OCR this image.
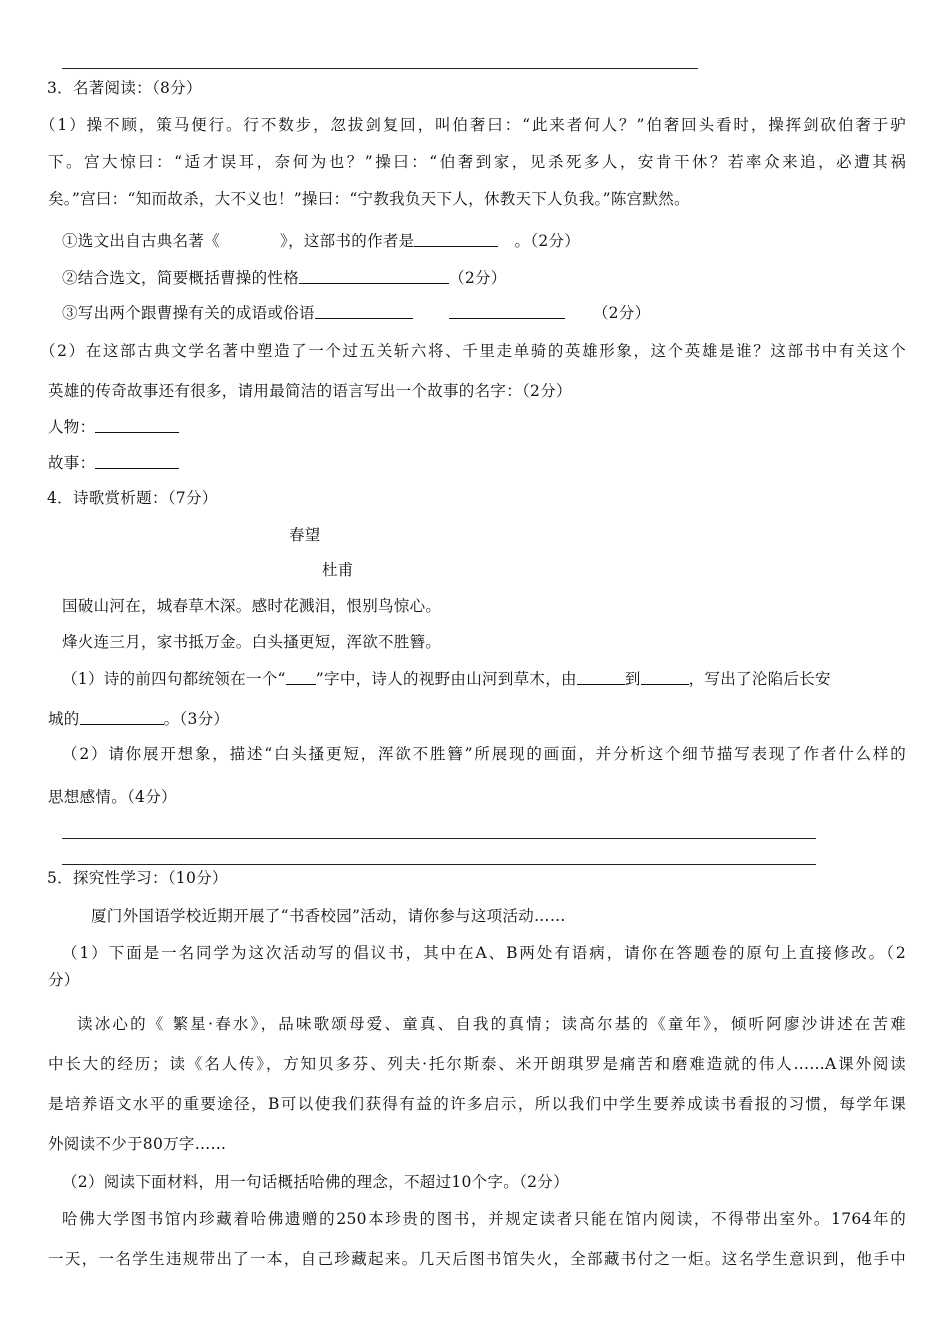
3．名著阅读：（8分）
（1）操不顾，策马便行。行不数步，忽拔剑复回，叫伯奢曰：“此来者何人？”伯奢回头看时，操挥剑砍伯奢于驴
下。宫大惊曰：“适才误耳，奈何为也？”操曰：“伯奢到家，见杀死多人，安肯干休？若率众来追，必遭其祸
矣。”宫曰：“知而故杀，大不义也！”操曰：“宁教我负天下人，休教天下人负我。”陈宫默然。
①选文出自古典名著《	》，这部书的作者是	。（2分）
②结合选文，简要概括曹操的性格	（2分）
③写出两个跟曹操有关的成语或俗语	（2分）
（2）在这部古典文学名著中塑造了一个过五关斩六将、千里走单骑的英雄形象，这个英雄是谁？这部书中有关这个
英雄的传奇故事还有很多，请用最简洁的语言写出一个故事的名字：（2分）
人物：
故事：
4．诗歌赏析题：（7分）
春望
杜甫
国破山河在，城春草木深。感时花溅泪，恨别鸟惊心。
烽火连三月，家书抵万金。白头搔更短，浑欲不胜簪。
（1）诗的前四句都统领在一个“ ”字中，诗人的视野由山河到草木，由	到	，写出了沦陷后长安
城的	。（3分）
（2）请你展开想象，描述“白头搔更短，浑欲不胜簪”所展现的画面，并分析这个细节描写表现了作者什么样的
思想感情。（4分）
5．探究性学习：（10分）
厦门外国语学校近期开展了“书香校园”活动，请你参与这项活动……
（1）下面是一名同学为这次活动写的倡议书，其中在A、B两处有语病，请你在答题卷的原句上直接修改。（2
分）
读冰心的《 繁星·春水》，品味歌颂母爱、童真、自我的真情；读高尔基的《童年》，倾听阿廖沙讲述在苦难
中长大的经历；读《名人传》，方知贝多芬、列夫·托尔斯泰、米开朗琪罗是痛苦和磨难造就的伟人……A课外阅读
是培养语文水平的重要途径，B可以使我们获得有益的许多启示，所以我们中学生要养成读书看报的习惯，每学年课
外阅读不少于80万字……
（2）阅读下面材料，用一句话概括哈佛的理念，不超过10个字。（2分）
哈佛大学图书馆内珍藏着哈佛遗赠的250本珍贵的图书，并规定读者只能在馆内阅读，不得带出室外。1764年的
一天，一名学生违规带出了一本，自己珍藏起来。几天后图书馆失火，全部藏书付之一炬。这名学生意识到，他手中
